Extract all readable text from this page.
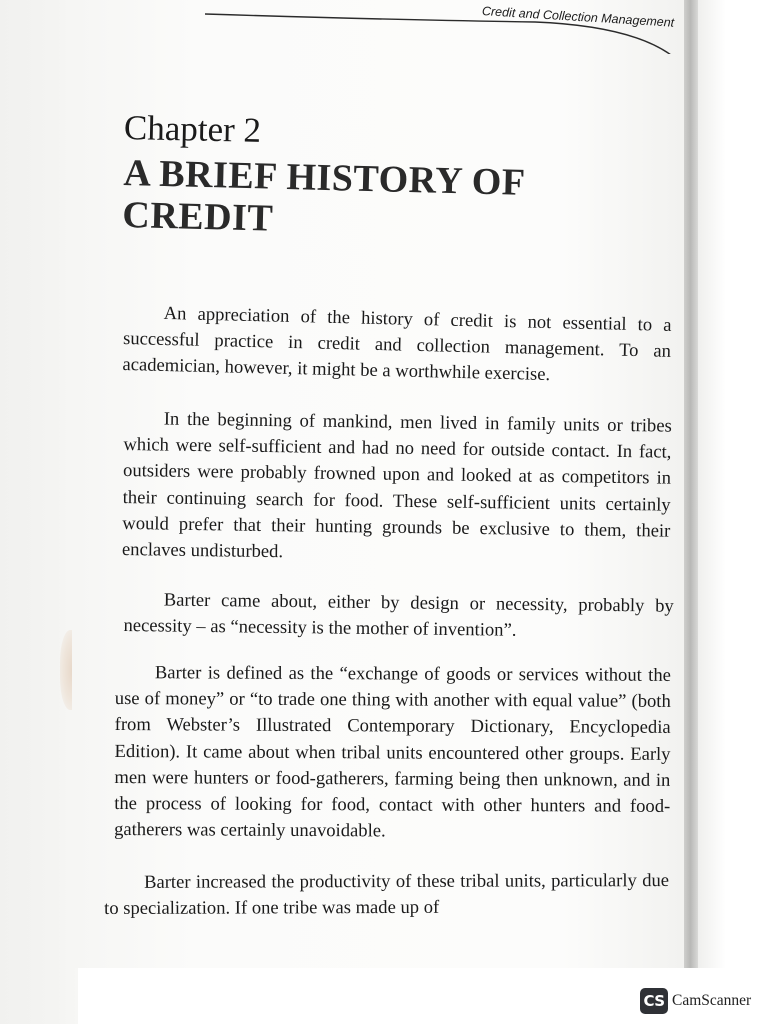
Credit and Collection Management
Chapter 2
A BRIEF HISTORY OF CREDIT

An appreciation of the history of credit is not essential to a successful practice in credit and collection management. To an academician, however, it might be a worthwhile exercise.

In the beginning of mankind, men lived in family units or tribes which were self-sufficient and had no need for outside contact. In fact, outsiders were probably frowned upon and looked at as competitors in their continuing search for food. These self-sufficient units certainly would prefer that their hunting grounds be exclusive to them, their enclaves undisturbed.

Barter came about, either by design or necessity, probably by necessity – as “necessity is the mother of invention”.

Barter is defined as the “exchange of goods or services without the use of money” or “to trade one thing with another with equal value” (both from Webster’s Illustrated Contemporary Dictionary, Encyclopedia Edition). It came about when tribal units encountered other groups. Early men were hunters or food-gatherers, farming being then unknown, and in the process of looking for food, contact with other hunters and food-gatherers was certainly unavoidable.

Barter increased the productivity of these tribal units, particularly due to specialization. If one tribe was made up of

CS CamScanner
